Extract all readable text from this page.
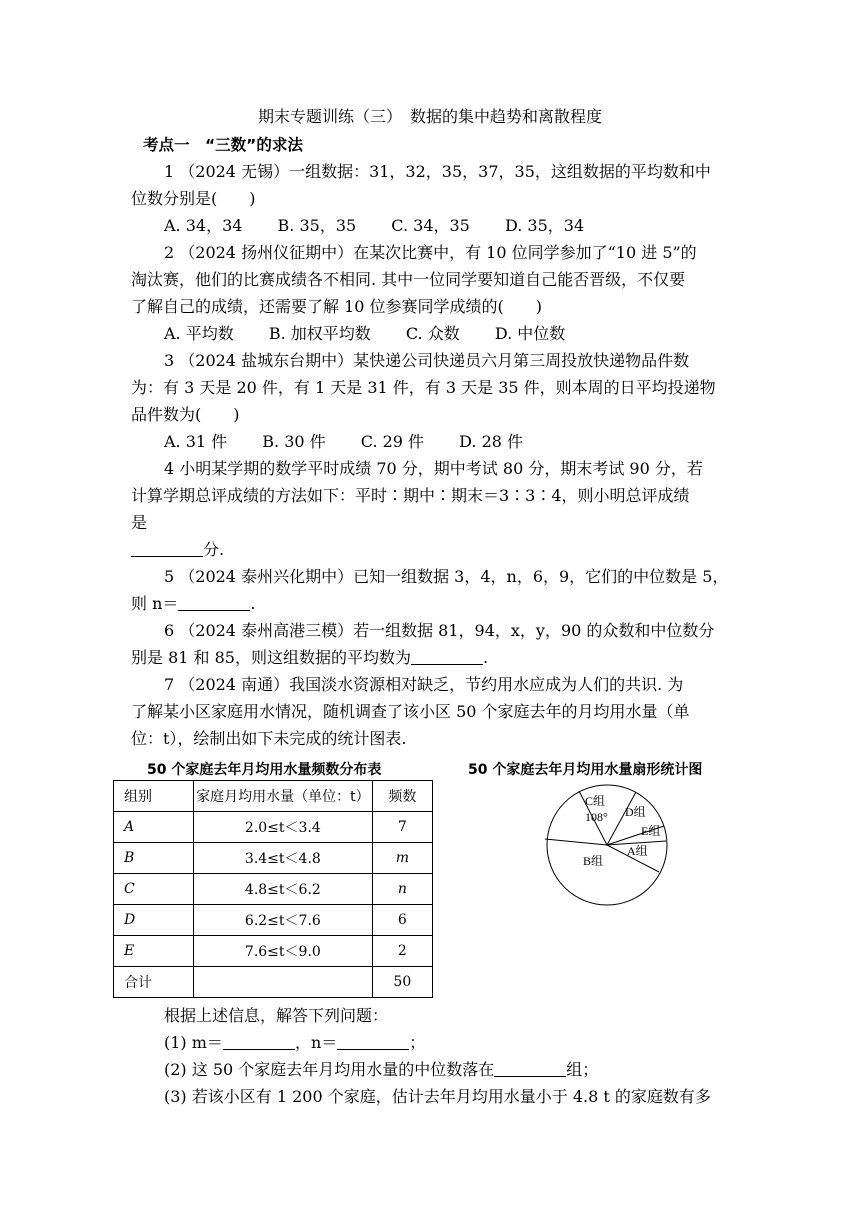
期末专题训练（三）　数据的集中趋势和离散程度
考点一　“三数”的求法
1 （2024 无锡）一组数据：31，32，35，37，35，这组数据的平均数和中
位数分别是(　　)
A. 34，34 B. 35，35 C. 34，35 D. 35，34
2 （2024 扬州仪征期中）在某次比赛中，有 10 位同学参加了“10 进 5”的
淘汰赛，他们的比赛成绩各不相同. 其中一位同学要知道自己能否晋级，不仅要
了解自己的成绩，还需要了解 10 位参赛同学成绩的(　　)
A. 平均数 B. 加权平均数 C. 众数 D. 中位数
3 （2024 盐城东台期中）某快递公司快递员六月第三周投放快递物品件数
为：有 3 天是 20 件，有 1 天是 31 件，有 3 天是 35 件，则本周的日平均投递物
品件数为(　　)
A. 31 件 B. 30 件 C. 29 件 D. 28 件
4 小明某学期的数学平时成绩 70 分，期中考试 80 分，期末考试 90 分，若
计算学期总评成绩的方法如下：平时∶期中∶期末＝3∶3∶4，则小明总评成绩
是
分.
5 （2024 泰州兴化期中）已知一组数据 3，4，n，6，9，它们的中位数是 5，
则 n＝	.
6 （2024 泰州高港三模）若一组数据 81，94，x，y，90 的众数和中位数分
别是 81 和 85，则这组数据的平均数为	.
7 （2024 南通）我国淡水资源相对缺乏，节约用水应成为人们的共识. 为
了解某小区家庭用水情况，随机调查了该小区 50 个家庭去年的月均用水量（单
位：t），绘制出如下未完成的统计图表.
50 个家庭去年月均用水量频数分布表
组别	家庭月均用水量（单位：t）	频数
A	2.0≤t＜3.4	7
B	3.4≤t＜4.8	m
C	4.8≤t＜6.2	n
D	6.2≤t＜7.6	6
E	7.6≤t＜9.0	2
合计		50
50 个家庭去年月均用水量扇形统计图
C组
108° D组
E组
A组
B组
根据上述信息，解答下列问题：
(1) m＝	，n＝	；
(2) 这 50 个家庭去年月均用水量的中位数落在	组；
(3) 若该小区有 1 200 个家庭，估计去年月均用水量小于 4.8 t 的家庭数有多
